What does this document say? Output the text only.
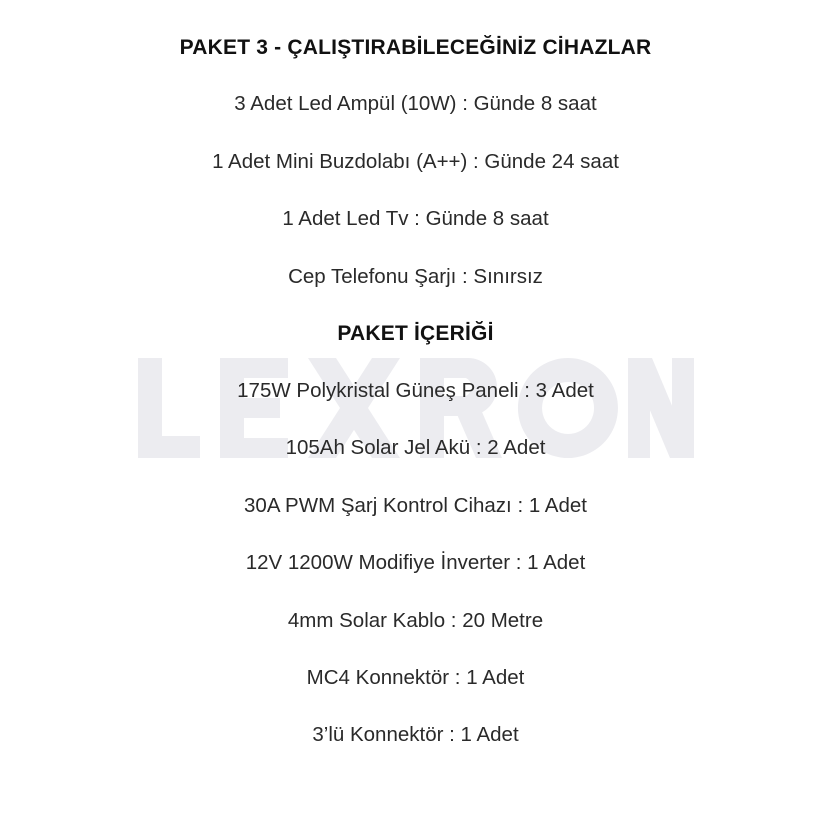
PAKET 3 - ÇALIŞTIRABİLECEĞİNİZ CİHAZLAR
3 Adet Led Ampül (10W) : Günde 8 saat
1 Adet Mini Buzdolabı (A++) : Günde 24 saat
1 Adet Led Tv : Günde 8 saat
Cep Telefonu Şarjı : Sınırsız
PAKET İÇERİĞİ
175W Polykristal Güneş Paneli : 3 Adet
105Ah Solar Jel Akü : 2 Adet
30A PWM Şarj Kontrol Cihazı : 1 Adet
12V 1200W Modifiye İnverter : 1 Adet
4mm Solar Kablo : 20 Metre
MC4 Konnektör : 1 Adet
3’lü Konnektör : 1 Adet
